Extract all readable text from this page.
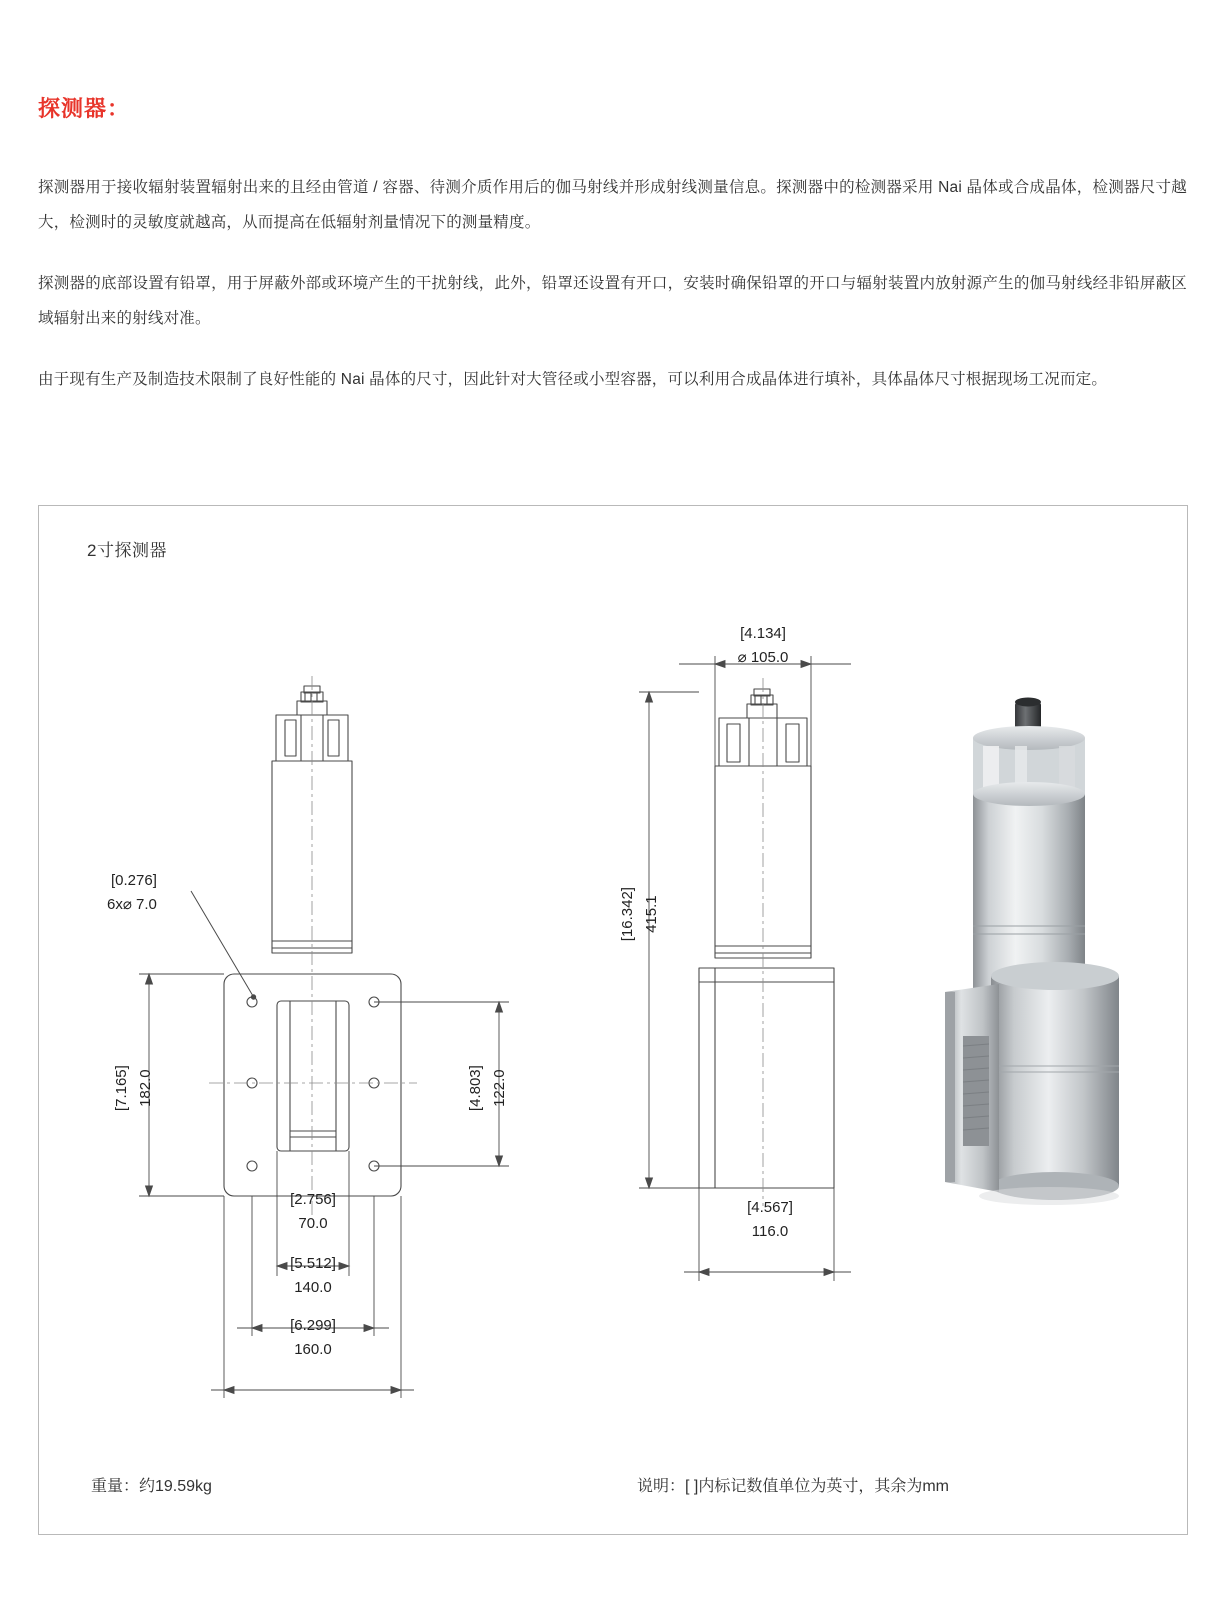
探测器：

探测器用于接收辐射装置辐射出来的且经由管道 / 容器、待测介质作用后的伽马射线并形成射线测量信息。探测器中的检测器采用 Nai 晶体或合成晶体，检测器尺寸越大，检测时的灵敏度就越高，从而提高在低辐射剂量情况下的测量精度。

探测器的底部设置有铅罩，用于屏蔽外部或环境产生的干扰射线，此外，铅罩还设置有开口，安装时确保铅罩的开口与辐射装置内放射源产生的伽马射线经非铅屏蔽区域辐射出来的射线对准。

由于现有生产及制造技术限制了良好性能的 Nai 晶体的尺寸，因此针对大管径或小型容器，可以利用合成晶体进行填补，具体晶体尺寸根据现场工况而定。

2寸探测器
[0.276]
6x⌀ 7.0
[7.165] 182.0	[4.803] 122.0
[2.756]
70.0
[5.512]
140.0
[6.299]
160.0
[4.134]
⌀ 105.0
[16.342] 415.1
[4.567]
116.0
重量：约19.59kg	说明：[ ]内标记数值单位为英寸，其余为mm
